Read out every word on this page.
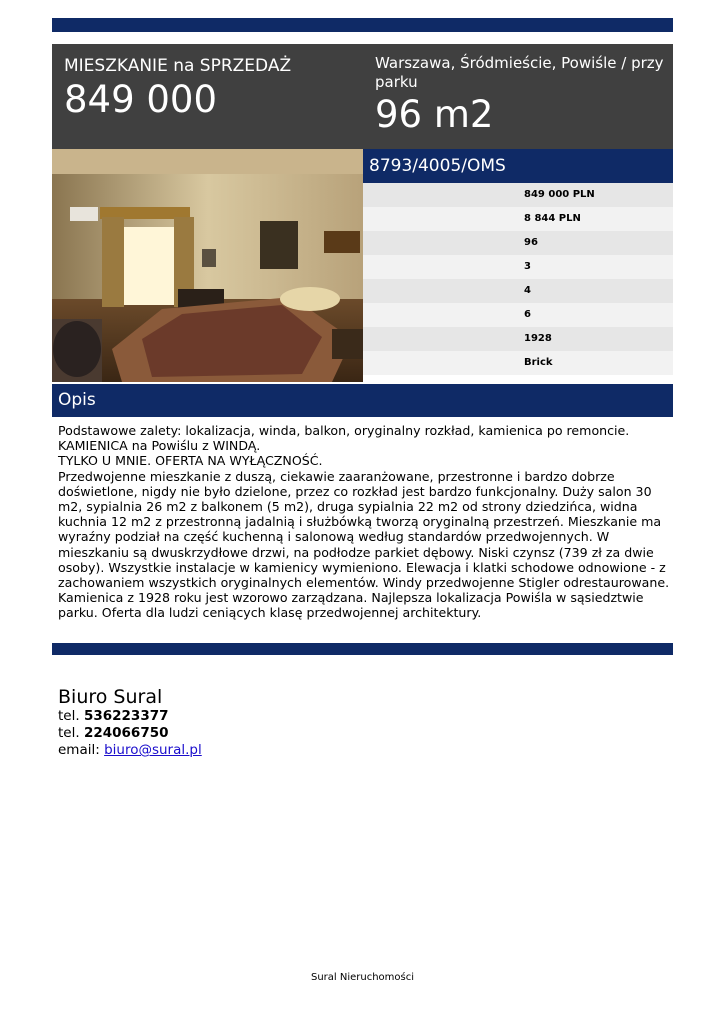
MIESZKANIE na SPRZEDAŻ
849 000
Warszawa, Śródmieście, Powiśle / przy parku
96 m2
8793/4005/OMS
849 000 PLN
8 844 PLN
96
3
4
6
1928
Brick
Opis

Podstawowe zalety: lokalizacja, winda, balkon, oryginalny rozkład, kamienica po remoncie.

KAMIENICA na Powiślu z WINDĄ.

TYLKO U MNIE. OFERTA NA WYŁĄCZNOŚĆ.

Przedwojenne mieszkanie z duszą, ciekawie zaaranżowane, przestronne i bardzo dobrze doświetlone, nigdy nie było dzielone, przez co rozkład jest bardzo funkcjonalny. Duży salon 30 m2, sypialnia 26 m2 z balkonem (5 m2), druga sypialnia 22 m2 od strony dziedzińca, widna kuchnia 12 m2 z przestronną jadalnią i służbówką tworzą oryginalną przestrzeń. Mieszkanie ma wyraźny podział na część kuchenną i salonową według standardów przedwojennych. W mieszkaniu są dwuskrzydłowe drzwi, na podłodze parkiet dębowy. Niski czynsz (739 zł za dwie osoby). Wszystkie instalacje w kamienicy wymieniono. Elewacja i klatki schodowe odnowione - z zachowaniem wszystkich oryginalnych elementów. Windy przedwojenne Stigler odrestaurowane. Kamienica z 1928 roku jest wzorowo zarządzana. Najlepsza lokalizacja Powiśla w sąsiedztwie parku. Oferta dla ludzi ceniących klasę przedwojennej architektury.

Biuro Sural
tel. 536223377
tel. 224066750
email: biuro@sural.pl
Sural Nieruchomości
